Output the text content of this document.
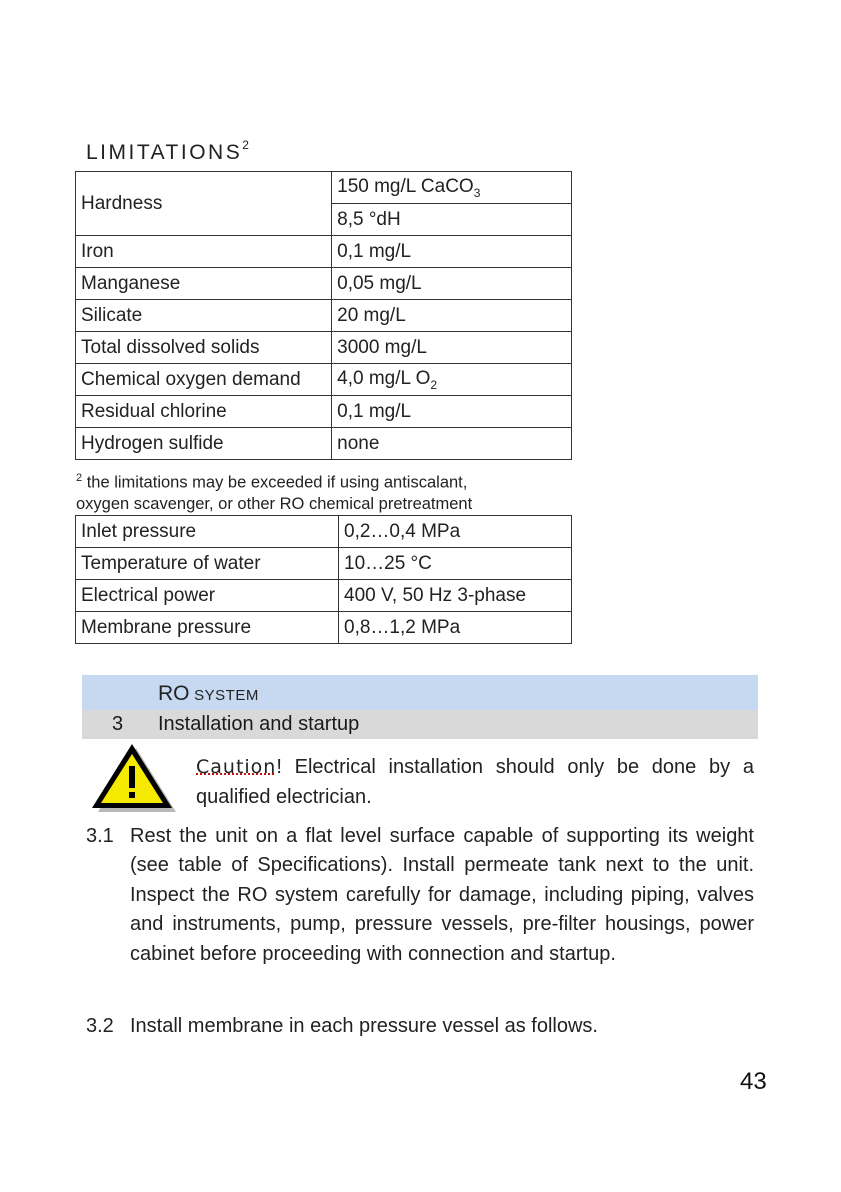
LIMITATIONS$^2$
Hardness	150 mg/L CaCO$_3$
	8,5 °dH
Iron	0,1 mg/L
Manganese	0,05 mg/L
Silicate	20 mg/L
Total dissolved solids	3000 mg/L
Chemical oxygen demand	4,0 mg/L $O_2$
Residual chlorine	0,1 mg/L
Hydrogen sulfide	none
$^2$ the limitations may be exceeded if using antiscalant,
oxygen scavenger, or other RO chemical pretreatment
Inlet pressure	0,2…0,4 MPa
Temperature of water	10…25 °C
Electrical power	400 V, 50 Hz 3-phase
Membrane pressure	0,8…1,2 MPa
RO SYSTEM
3 Installation and startup
Caution! Electrical installation should only be done by a qualified electrician.
3.1 Rest the unit on a flat level surface capable of supporting its weight (see table of Specifications). Install permeate tank next to the unit. Inspect the RO system carefully for damage, including piping, valves and instruments, pump, pressure vessels, pre-filter housings, power cabinet before proceeding with connection and startup.
3.2 Install membrane in each pressure vessel as follows.
43
